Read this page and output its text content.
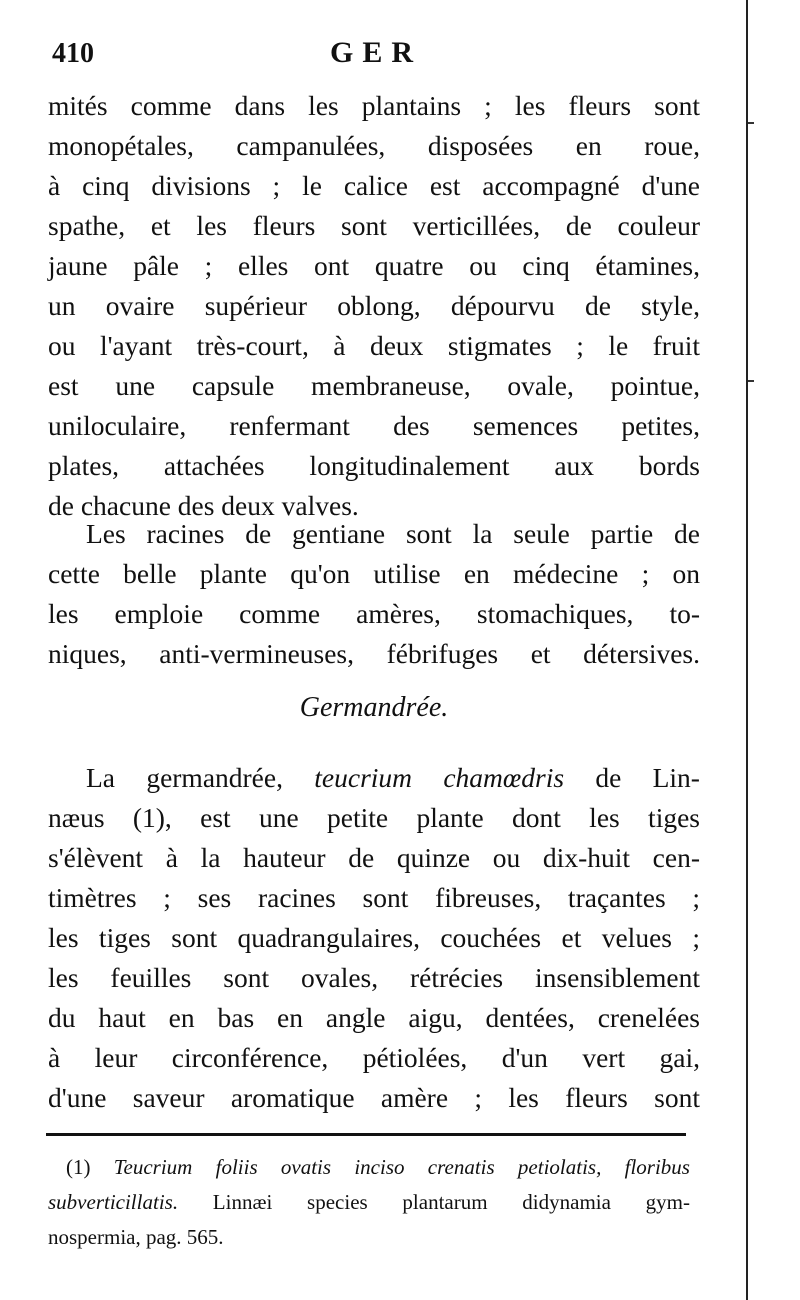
410	GER
mités comme dans les plantains ; les fleurs sont
monopétales, campanulées, disposées en roue,
à cinq divisions ; le calice est accompagné d'une
spathe, et les fleurs sont verticillées, de couleur
jaune pâle ; elles ont quatre ou cinq étamines,
un ovaire supérieur oblong, dépourvu de style,
ou l'ayant très-court, à deux stigmates ; le fruit
est une capsule membraneuse, ovale, pointue,
uniloculaire, renfermant des semences petites,
plates, attachées longitudinalement aux bords
de chacune des deux valves.
Les racines de gentiane sont la seule partie de
cette belle plante qu'on utilise en médecine ; on
les emploie comme amères, stomachiques, to-
niques, anti-vermineuses, fébrifuges et détersives.
Germandrée.
La germandrée, teucrium chamœdris de Lin-
næus (1), est une petite plante dont les tiges
s'élèvent à la hauteur de quinze ou dix-huit cen-
timètres ; ses racines sont fibreuses, traçantes ;
les tiges sont quadrangulaires, couchées et velues ;
les feuilles sont ovales, rétrécies insensiblement
du haut en bas en angle aigu, dentées, crenelées
à leur circonférence, pétiolées, d'un vert gai,
d'une saveur aromatique amère ; les fleurs sont
(1) Teucrium foliis ovatis inciso crenatis petiolatis, floribus
subverticillatis. Linnæi species plantarum didynamia gym-
nospermia, pag. 565.
